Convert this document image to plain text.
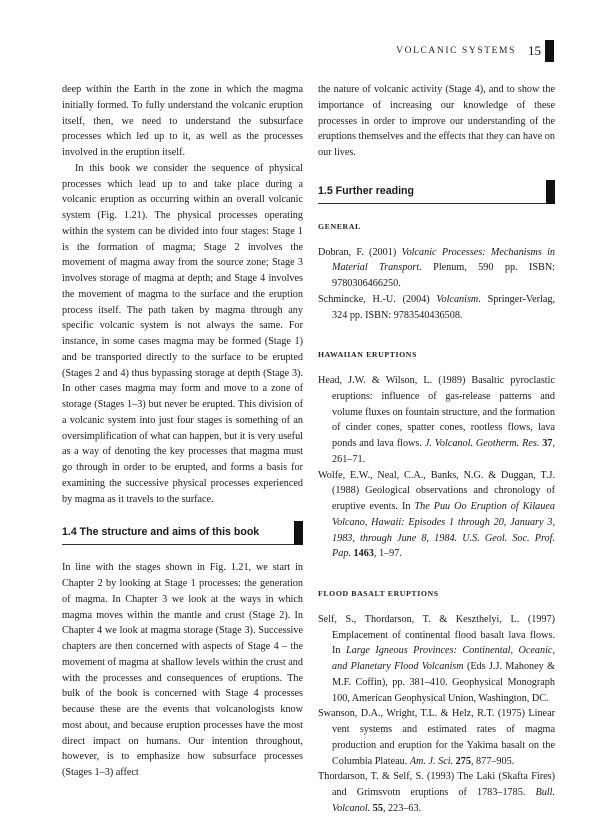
VOLCANIC SYSTEMS 15

deep within the Earth in the zone in which the magma initially formed. To fully understand the volcanic eruption itself, then, we need to understand the subsurface processes which led up to it, as well as the processes involved in the eruption itself.

In this book we consider the sequence of physical processes which lead up to and take place during a volcanic eruption as occurring within an overall volcanic system (Fig. 1.21). The physical processes operating within the system can be divided into four stages: Stage 1 is the formation of magma; Stage 2 involves the movement of magma away from the source zone; Stage 3 involves storage of magma at depth; and Stage 4 involves the movement of magma to the surface and the eruption process itself. The path taken by magma through any specific volcanic system is not always the same. For instance, in some cases magma may be formed (Stage 1) and be transported directly to the surface to be erupted (Stages 2 and 4) thus bypassing storage at depth (Stage 3). In other cases magma may form and move to a zone of storage (Stages 1–3) but never be erupted. This division of a volcanic system into just four stages is something of an oversimplification of what can happen, but it is very useful as a way of denoting the key processes that magma must go through in order to be erupted, and forms a basis for examining the successive physical processes experienced by magma as it travels to the surface.

1.4 The structure and aims of this book

In line with the stages shown in Fig. 1.21, we start in Chapter 2 by looking at Stage 1 processes: the generation of magma. In Chapter 3 we look at the ways in which magma moves within the mantle and crust (Stage 2). In Chapter 4 we look at magma storage (Stage 3). Successive chapters are then concerned with aspects of Stage 4 – the movement of magma at shallow levels within the crust and with the processes and consequences of eruptions. The bulk of the book is concerned with Stage 4 processes because these are the events that volcanologists know most about, and because eruption processes have the most direct impact on humans. Our intention throughout, however, is to emphasize how subsurface processes (Stages 1–3) affect

the nature of volcanic activity (Stage 4), and to show the importance of increasing our knowledge of these processes in order to improve our understanding of the eruptions themselves and the effects that they can have on our lives.

1.5 Further reading
GENERAL

Dobran, F. (2001) Volcanic Processes: Mechanisms in Material Transport. Plenum, 590 pp. ISBN: 9780306466250.

Schmincke, H.-U. (2004) Volcanism. Springer-Verlag, 324 pp. ISBN: 9783540436508.

HAWAIIAN ERUPTIONS

Head, J.W. & Wilson, L. (1989) Basaltic pyroclastic eruptions: influence of gas-release patterns and volume fluxes on fountain structure, and the formation of cinder cones, spatter cones, rootless flows, lava ponds and lava flows. J. Volcanol. Geotherm. Res. 37, 261–71.

Wolfe, E.W., Neal, C.A., Banks, N.G. & Duggan, T.J. (1988) Geological observations and chronology of eruptive events. In The Puu Oo Eruption of Kilauea Volcano, Hawaii: Episodes 1 through 20, January 3, 1983, through June 8, 1984. U.S. Geol. Soc. Prof. Pap. 1463, 1–97.

FLOOD BASALT ERUPTIONS

Self, S., Thordarson, T. & Keszthelyi, L. (1997) Emplacement of continental flood basalt lava flows. In Large Igneous Provinces: Continental, Oceanic, and Planetary Flood Volcanism (Eds J.J. Mahoney & M.F. Coffin), pp. 381–410. Geophysical Monograph 100, American Geophysical Union, Washington, DC.

Swanson, D.A., Wright, T.L. & Helz, R.T. (1975) Linear vent systems and estimated rates of magma production and eruption for the Yakima basalt on the Columbia Plateau. Am. J. Sci. 275, 877–905.

Thordarson, T. & Self, S. (1993) The Laki (Skafta Fires) and Grimsvotn eruptions of 1783–1785. Bull. Volcanol. 55, 223–63.
